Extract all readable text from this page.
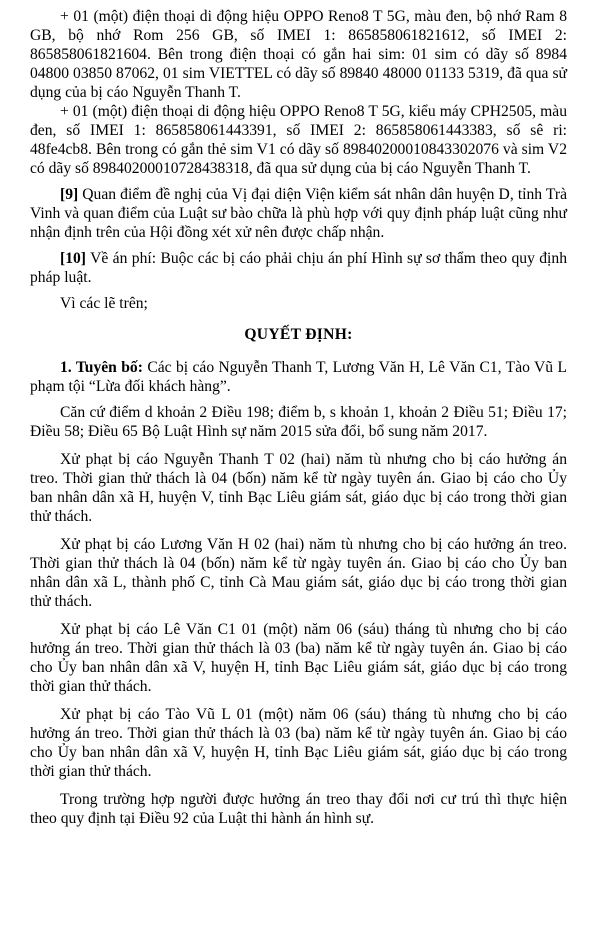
+ 01 (một) điện thoại di động hiệu OPPO Reno8 T 5G, màu đen, bộ nhớ Ram 8 GB, bộ nhớ Rom 256 GB, số IMEI 1: 865858061821612, số IMEI 2: 865858061821604. Bên trong điện thoại có gắn hai sim: 01 sim có dãy số 8984 04800 03850 87062, 01 sim VIETTEL có dãy số 89840 48000 01133 5319, đã qua sử dụng của bị cáo Nguyễn Thanh T.

+ 01 (một) điện thoại di động hiệu OPPO Reno8 T 5G, kiểu máy CPH2505, màu đen, số IMEI 1: 865858061443391, số IMEI 2: 865858061443383, số sê ri: 48fe4cb8. Bên trong có gắn thẻ sim V1 có dãy số 89840200010843302076 và sim V2 có dãy số 89840200010728438318, đã qua sử dụng của bị cáo Nguyễn Thanh T.

[9] Quan điểm đề nghị của Vị đại diện Viện kiểm sát nhân dân huyện D, tỉnh Trà Vinh và quan điểm của Luật sư bào chữa là phù hợp với quy định pháp luật cũng như nhận định trên của Hội đồng xét xử nên được chấp nhận.

[10] Về án phí: Buộc các bị cáo phải chịu án phí Hình sự sơ thẩm theo quy định pháp luật.

Vì các lẽ trên;

QUYẾT ĐỊNH:

1. Tuyên bố: Các bị cáo Nguyễn Thanh T, Lương Văn H, Lê Văn C1, Tào Vũ L phạm tội “Lừa đối khách hàng”.

Căn cứ điểm d khoản 2 Điều 198; điểm b, s khoản 1, khoản 2 Điều 51; Điều 17; Điều 58; Điều 65 Bộ Luật Hình sự năm 2015 sửa đổi, bổ sung năm 2017.

Xử phạt bị cáo Nguyễn Thanh T 02 (hai) năm tù nhưng cho bị cáo hưởng án treo. Thời gian thử thách là 04 (bốn) năm kể từ ngày tuyên án. Giao bị cáo cho Ủy ban nhân dân xã H, huyện V, tỉnh Bạc Liêu giám sát, giáo dục bị cáo trong thời gian thử thách.

Xử phạt bị cáo Lương Văn H 02 (hai) năm tù nhưng cho bị cáo hưởng án treo. Thời gian thử thách là 04 (bốn) năm kể từ ngày tuyên án. Giao bị cáo cho Ủy ban nhân dân xã L, thành phố C, tỉnh Cà Mau giám sát, giáo dục bị cáo trong thời gian thử thách.

Xử phạt bị cáo Lê Văn C1 01 (một) năm 06 (sáu) tháng tù nhưng cho bị cáo hưởng án treo. Thời gian thử thách là 03 (ba) năm kể từ ngày tuyên án. Giao bị cáo cho Ủy ban nhân dân xã V, huyện H, tỉnh Bạc Liêu giám sát, giáo dục bị cáo trong thời gian thử thách.

Xử phạt bị cáo Tào Vũ L 01 (một) năm 06 (sáu) tháng tù nhưng cho bị cáo hưởng án treo. Thời gian thử thách là 03 (ba) năm kể từ ngày tuyên án. Giao bị cáo cho Ủy ban nhân dân xã V, huyện H, tỉnh Bạc Liêu giám sát, giáo dục bị cáo trong thời gian thử thách.

Trong trường hợp người được hưởng án treo thay đổi nơi cư trú thì thực hiện theo quy định tại Điều 92 của Luật thi hành án hình sự.
